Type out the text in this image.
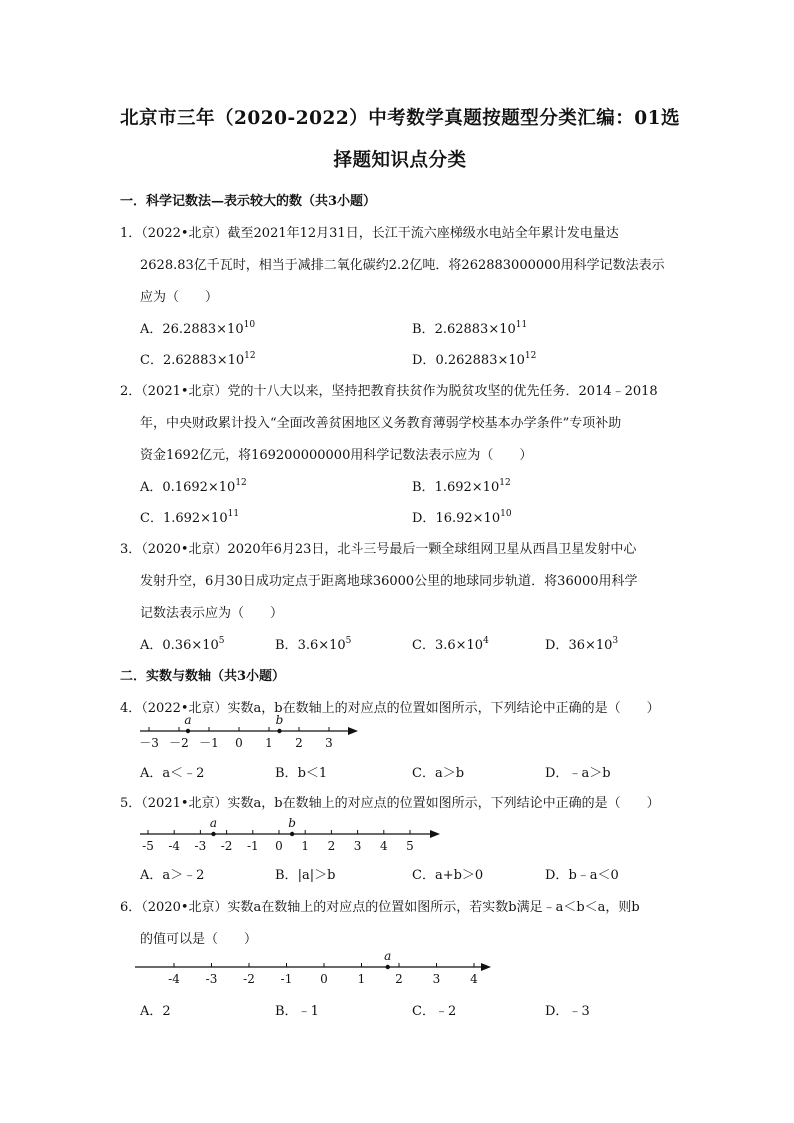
北京市三年（2020-2022）中考数学真题按题型分类汇编：01选
择题知识点分类
一．科学记数法—表示较大的数（共3小题）
1．（2022•北京）截至2021年12月31日，长江干流六座梯级水电站全年累计发电量达
2628.83亿千瓦时，相当于减排二氧化碳约2.2亿吨．将262883000000用科学记数法表示
应为（　　）
A．$26.2883\times 10^{10}$	B．$2.62883\times 10^{11}$
C．$2.62883\times 10^{12}$	D．$0.262883\times 10^{12}$
2．（2021•北京）党的十八大以来，坚持把教育扶贫作为脱贫攻坚的优先任务．2014﹣2018
年，中央财政累计投入“全面改善贫困地区义务教育薄弱学校基本办学条件”专项补助
资金1692亿元，将169200000000用科学记数法表示应为（　　）
A．$0.1692\times 10^{12}$	B．$1.692\times 10^{12}$
C．$1.692\times 10^{11}$	D．$16.92\times 10^{10}$
3．（2020•北京）2020年6月23日，北斗三号最后一颗全球组网卫星从西昌卫星发射中心
发射升空，6月30日成功定点于距离地球36000公里的地球同步轨道．将36000用科学
记数法表示应为（　　）
A．$0.36\times 10^5$	B．$3.6\times 10^5$	C．$3.6\times 10^4$	D．$36\times 10^3$
二．实数与数轴（共3小题）
4．（2022•北京）实数a，b在数轴上的对应点的位置如图所示，下列结论中正确的是（　　）
－3 －2 －1 0 1 2 3
a	b
A．a＜﹣2	B．b＜1	C．a＞b	D．﹣a＞b
5．（2021•北京）实数a，b在数轴上的对应点的位置如图所示，下列结论中正确的是（　　）
-5 -4 -3 -2 -1 0 1 2 3 4 5
a	b
A．a＞﹣2	B．|a|＞b	C．a+b＞0	D．b﹣a＜0
6．（2020•北京）实数a在数轴上的对应点的位置如图所示，若实数b满足﹣a＜b＜a，则b
的值可以是（　　）
-4 -3 -2 -1 0 1 2 3 4
a
A．2	B．﹣1	C．﹣2	D．﹣3
